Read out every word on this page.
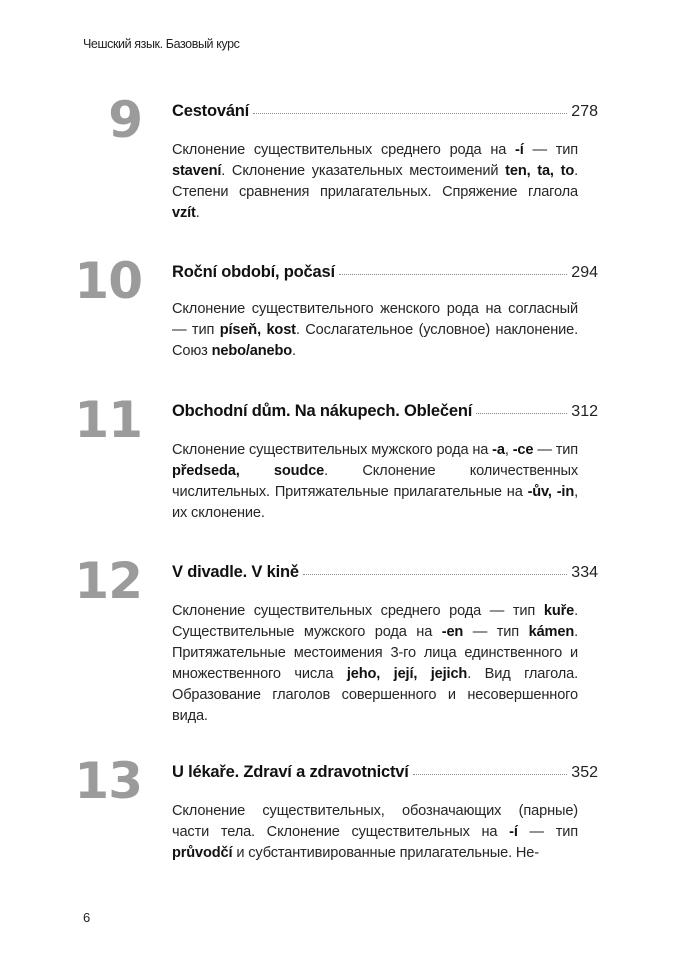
Чешский язык. Базовый курс
9 Cestování	278
Склонение существительных среднего рода на -í — тип stavení. Склонение указательных местоимений ten, ta, to. Степени сравнения прилагательных. Спряжение глагола vzít.
10 Roční období, počasí	294
Склонение существительного женского рода на согласный — тип píseň, kost. Сослагательное (условное) наклонение. Союз nebo/anebo.
11 Obchodní dům. Na nákupech. Oblečení	312
Склонение существительных мужского рода на -a, -ce — тип předseda, soudce. Склонение количественных числительных. Притяжательные прилагательные на -ův, -in, их склонение.
12 V divadle. V kině	334
Склонение существительных среднего рода — тип kuře. Существительные мужского рода на -en — тип kámen. Притяжательные местоимения 3-го лица единственного и множественного числа jeho, její, jejich. Вид глагола. Образование глаголов совершенного и несовершенного вида.
13 U lékaře. Zdraví a zdravotnictví	352
Склонение существительных, обозначающих (парные) части тела. Склонение существительных на -í — тип průvodčí и субстантивированные прилагательные. Не-
6
